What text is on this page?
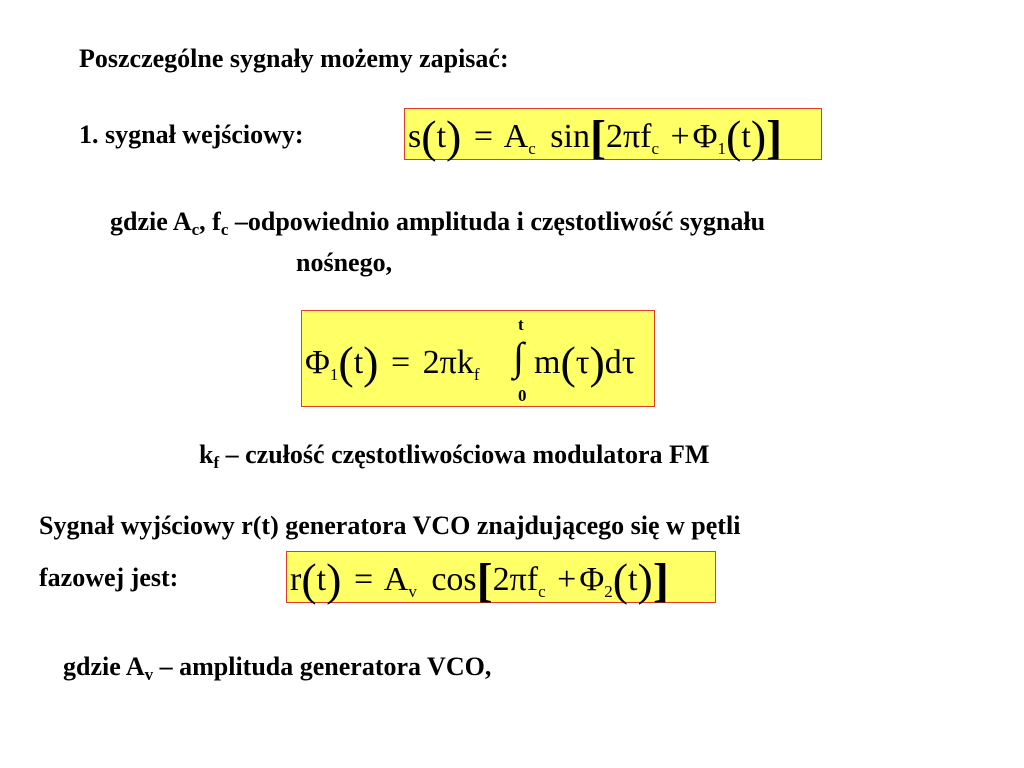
Poszczególne sygnały możemy zapisać:
1. sygnał wejściowy:	$s(t) = A_c$ $\sin[2\pi f_c +\Phi_1(t)]$
gdzie $A_c$, $f_c$ –odpowiednio amplituda i częstotliwość sygnału
nośnego,
$\Phi_1(t) = 2\pi k_f$
t
∫
0
m(τ)dτ
$k_f$ – czułość częstotliwościowa modulatora FM
Sygnał wyjściowy r(t) generatora VCO znajdującego się w pętli
fazowej jest:	$r(t) = A_v$ $\cos[2\pi f_c +\Phi_2(t)]$
gdzie $A_v$ – amplituda generatora VCO,
